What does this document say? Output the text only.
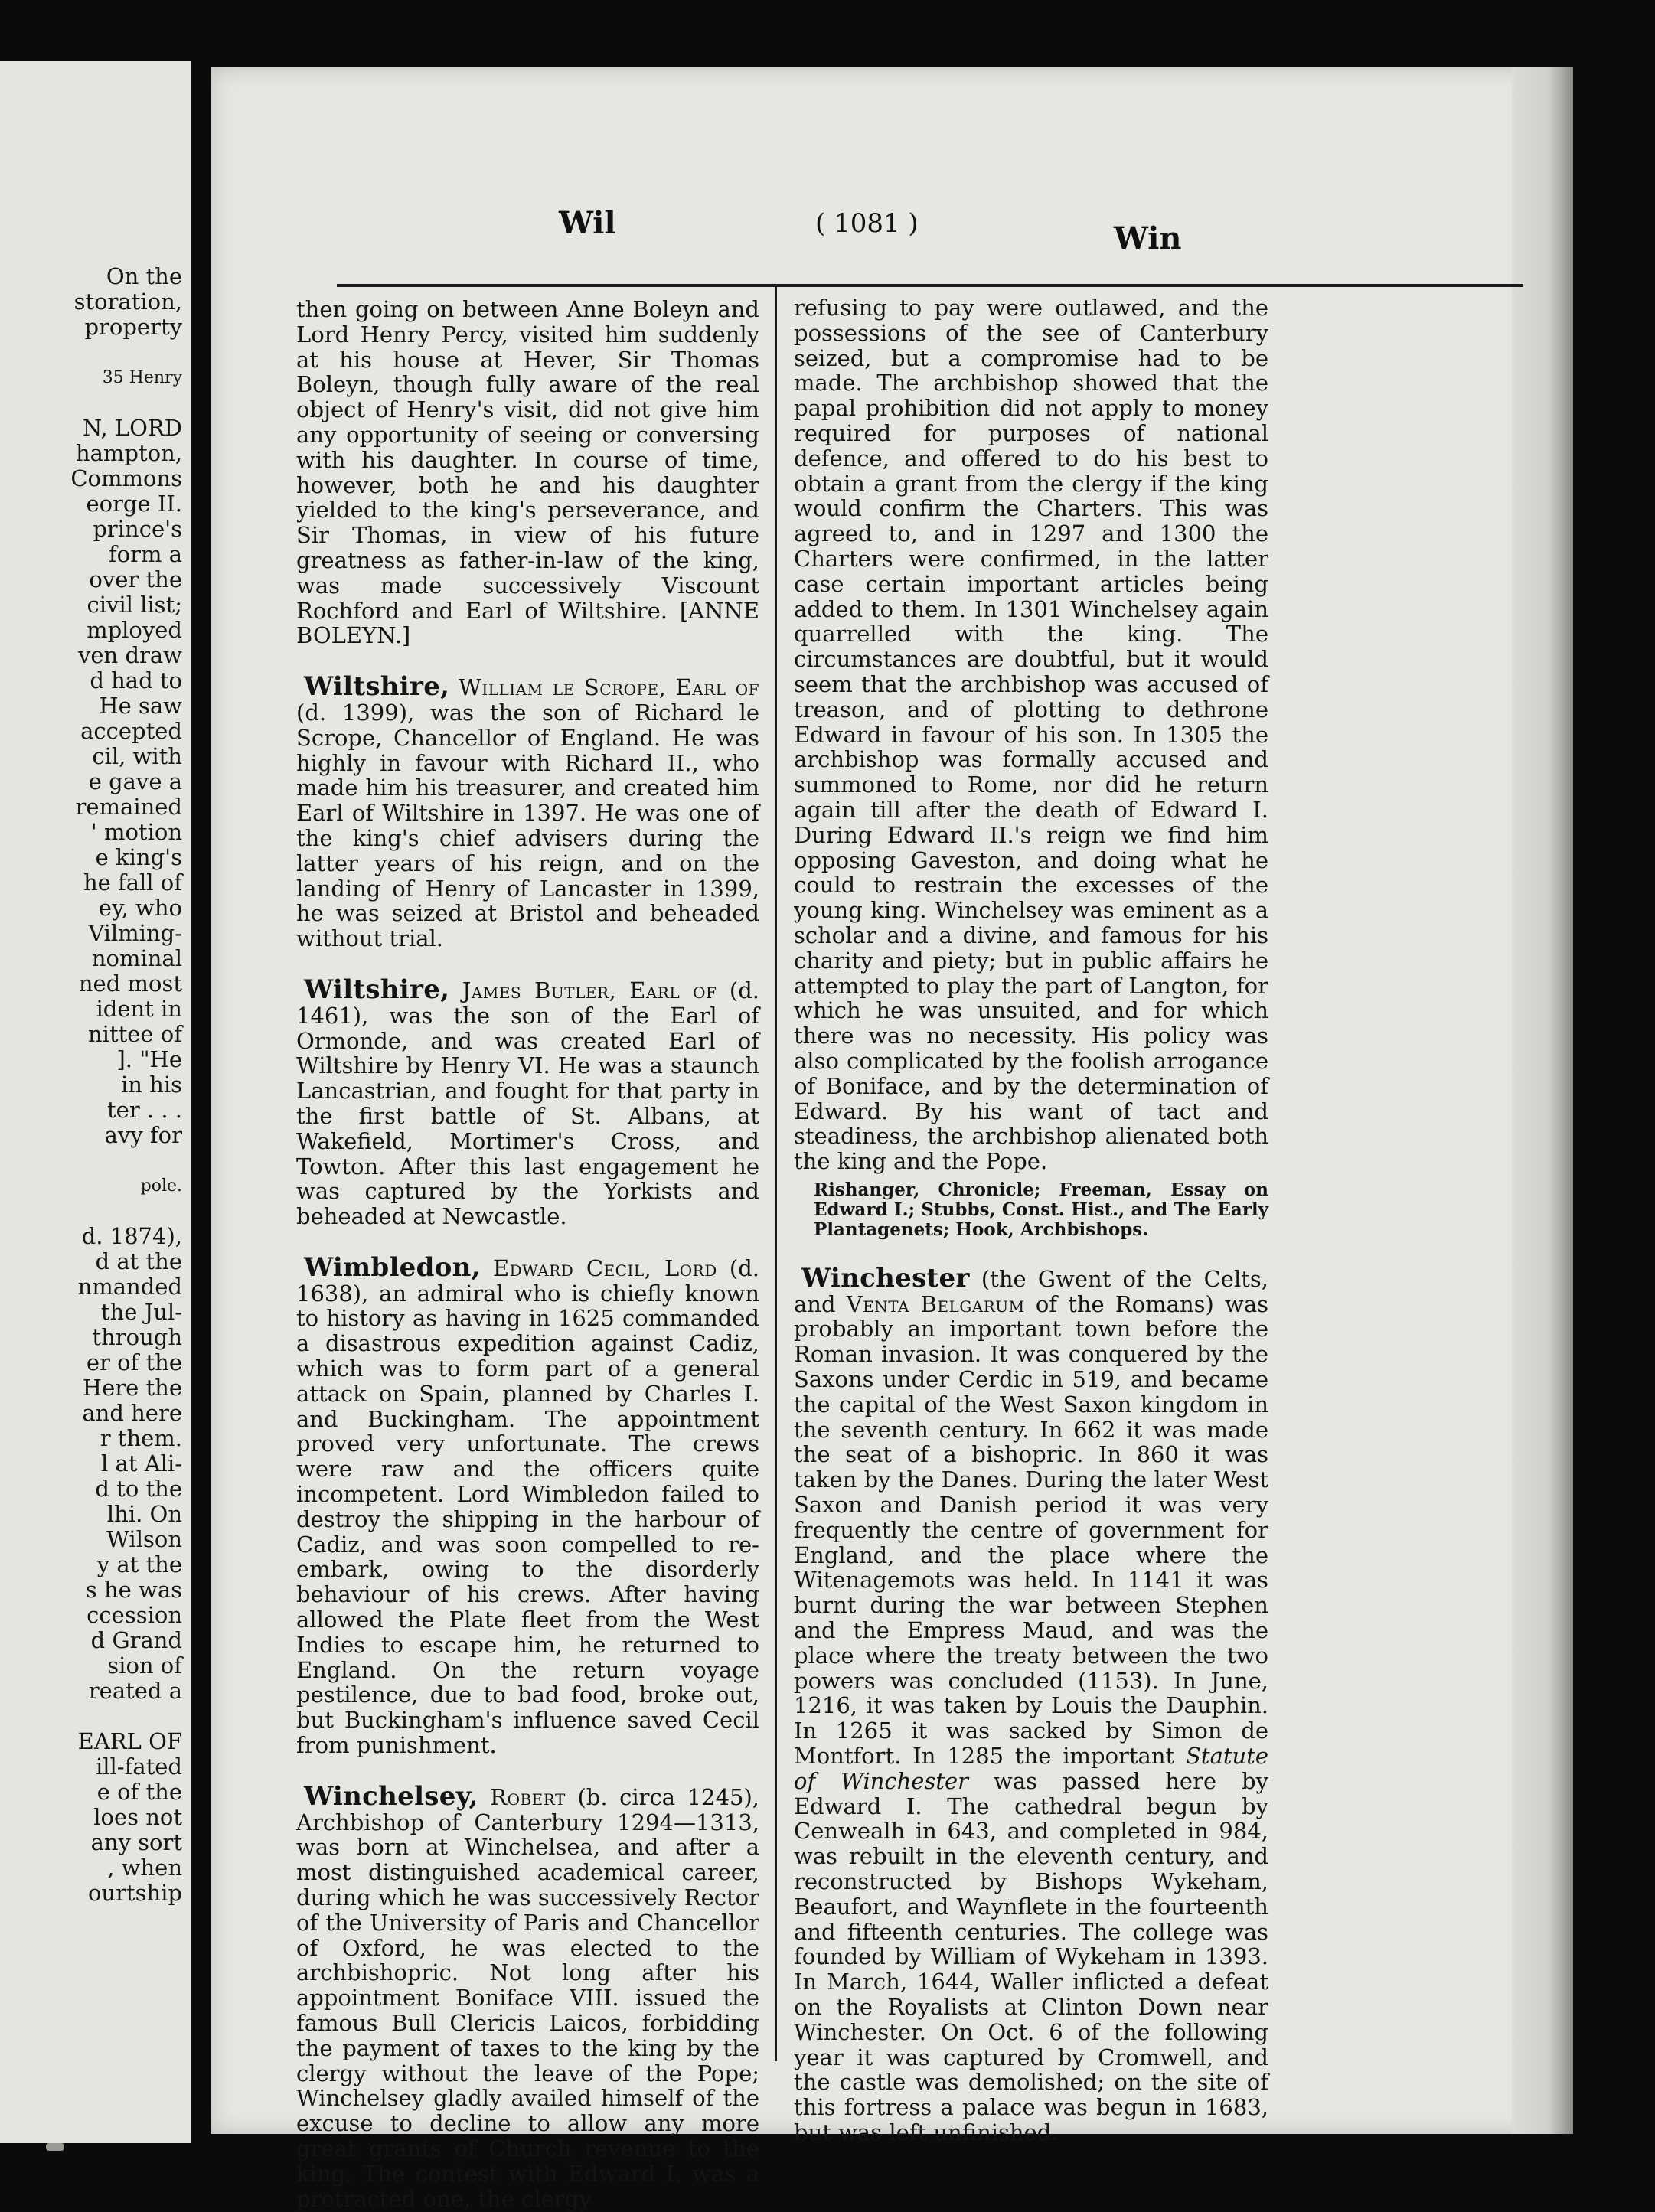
On the
storation,
property
35 Henry
N, LORD
hampton,
Commons
eorge II.
prince's
form a
over the
civil list;
mployed
ven draw
d had to
He saw
accepted
cil, with
e gave a
remained
' motion
e king's
he fall of
ey, who
Vilming-
nominal
ned most
ident in
nittee of
]. "He
in his
ter . . .
avy for
pole.
d. 1874),
d at the
nmanded
the Jul-
through
er of the
Here the
and here
r them.
l at Ali-
d to the
lhi. On
Wilson
y at the
s he was
ccession
d Grand
sion of
reated a
EARL OF
ill-fated
e of the
loes not
any sort
, when
ourtship
Wil	( 1081 )	Win

then going on between Anne Boleyn and Lord Henry Percy, visited him suddenly at his house at Hever, Sir Thomas Boleyn, though fully aware of the real object of Henry's visit, did not give him any opportunity of seeing or conversing with his daughter. In course of time, however, both he and his daughter yielded to the king's perseverance, and Sir Thomas, in view of his future greatness as father-in-law of the king, was made successively Viscount Rochford and Earl of Wiltshire. [ANNE BOLEYN.]

Wiltshire, William le Scrope, Earl of (d. 1399), was the son of Richard le Scrope, Chancellor of England. He was highly in favour with Richard II., who made him his treasurer, and created him Earl of Wiltshire in 1397. He was one of the king's chief advisers during the latter years of his reign, and on the landing of Henry of Lancaster in 1399, he was seized at Bristol and beheaded without trial.

Wiltshire, James Butler, Earl of (d. 1461), was the son of the Earl of Ormonde, and was created Earl of Wiltshire by Henry VI. He was a staunch Lancastrian, and fought for that party in the first battle of St. Albans, at Wakefield, Mortimer's Cross, and Towton. After this last engagement he was captured by the Yorkists and beheaded at Newcastle.

Wimbledon, Edward Cecil, Lord (d. 1638), an admiral who is chiefly known to history as having in 1625 commanded a disastrous expedition against Cadiz, which was to form part of a general attack on Spain, planned by Charles I. and Buckingham. The appointment proved very unfortunate. The crews were raw and the officers quite incompetent. Lord Wimbledon failed to destroy the shipping in the harbour of Cadiz, and was soon compelled to re-embark, owing to the disorderly behaviour of his crews. After having allowed the Plate fleet from the West Indies to escape him, he returned to England. On the return voyage pestilence, due to bad food, broke out, but Buckingham's influence saved Cecil from punishment.

Winchelsey, Robert (b. circa 1245), Archbishop of Canterbury 1294—1313, was born at Winchelsea, and after a most distinguished academical career, during which he was successively Rector of the University of Paris and Chancellor of Oxford, he was elected to the archbishopric. Not long after his appointment Boniface VIII. issued the famous Bull Clericis Laicos, forbidding the payment of taxes to the king by the clergy without the leave of the Pope; Winchelsey gladly availed himself of the excuse to decline to allow any more great grants of Church revenue to the king. The contest with Edward I. was a protracted one, the clergy

refusing to pay were outlawed, and the possessions of the see of Canterbury seized, but a compromise had to be made. The archbishop showed that the papal prohibition did not apply to money required for purposes of national defence, and offered to do his best to obtain a grant from the clergy if the king would confirm the Charters. This was agreed to, and in 1297 and 1300 the Charters were confirmed, in the latter case certain important articles being added to them. In 1301 Winchelsey again quarrelled with the king. The circumstances are doubtful, but it would seem that the archbishop was accused of treason, and of plotting to dethrone Edward in favour of his son. In 1305 the archbishop was formally accused and summoned to Rome, nor did he return again till after the death of Edward I. During Edward II.'s reign we find him opposing Gaveston, and doing what he could to restrain the excesses of the young king. Winchelsey was eminent as a scholar and a divine, and famous for his charity and piety; but in public affairs he attempted to play the part of Langton, for which he was unsuited, and for which there was no necessity. His policy was also complicated by the foolish arrogance of Boniface, and by the determination of Edward. By his want of tact and steadiness, the archbishop alienated both the king and the Pope.

Rishanger, Chronicle; Freeman, Essay on Edward I.; Stubbs, Const. Hist., and The Early Plantagenets; Hook, Archbishops.

Winchester (the Gwent of the Celts, and Venta Belgarum of the Romans) was probably an important town before the Roman invasion. It was conquered by the Saxons under Cerdic in 519, and became the capital of the West Saxon kingdom in the seventh century. In 662 it was made the seat of a bishopric. In 860 it was taken by the Danes. During the later West Saxon and Danish period it was very frequently the centre of government for England, and the place where the Witenagemots was held. In 1141 it was burnt during the war between Stephen and the Empress Maud, and was the place where the treaty between the two powers was concluded (1153). In June, 1216, it was taken by Louis the Dauphin. In 1265 it was sacked by Simon de Montfort. In 1285 the important Statute of Winchester was passed here by Edward I. The cathedral begun by Cenwealh in 643, and completed in 984, was rebuilt in the eleventh century, and reconstructed by Bishops Wykeham, Beaufort, and Waynflete in the fourteenth and fifteenth centuries. The college was founded by William of Wykeham in 1393. In March, 1644, Waller inflicted a defeat on the Royalists at Clinton Down near Winchester. On Oct. 6 of the following year it was captured by Cromwell, and the castle was demolished; on the site of this fortress a palace was begun in 1683, but was left unfinished.
